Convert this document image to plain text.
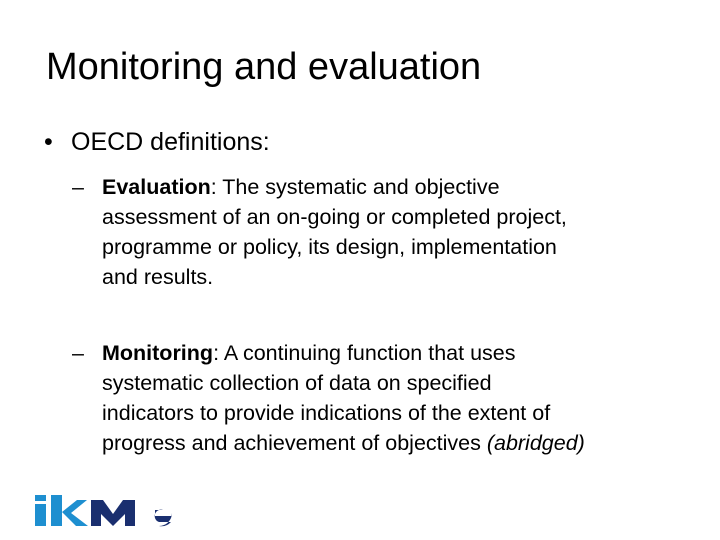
Monitoring and evaluation
• OECD definitions:
– Evaluation: The systematic and objective
assessment of an on-going or completed project,
programme or policy, its design, implementation
and results.
– Monitoring: A continuing function that uses
systematic collection of data on specified
indicators to provide indications of the extent of
progress and achievement of objectives (abridged)
